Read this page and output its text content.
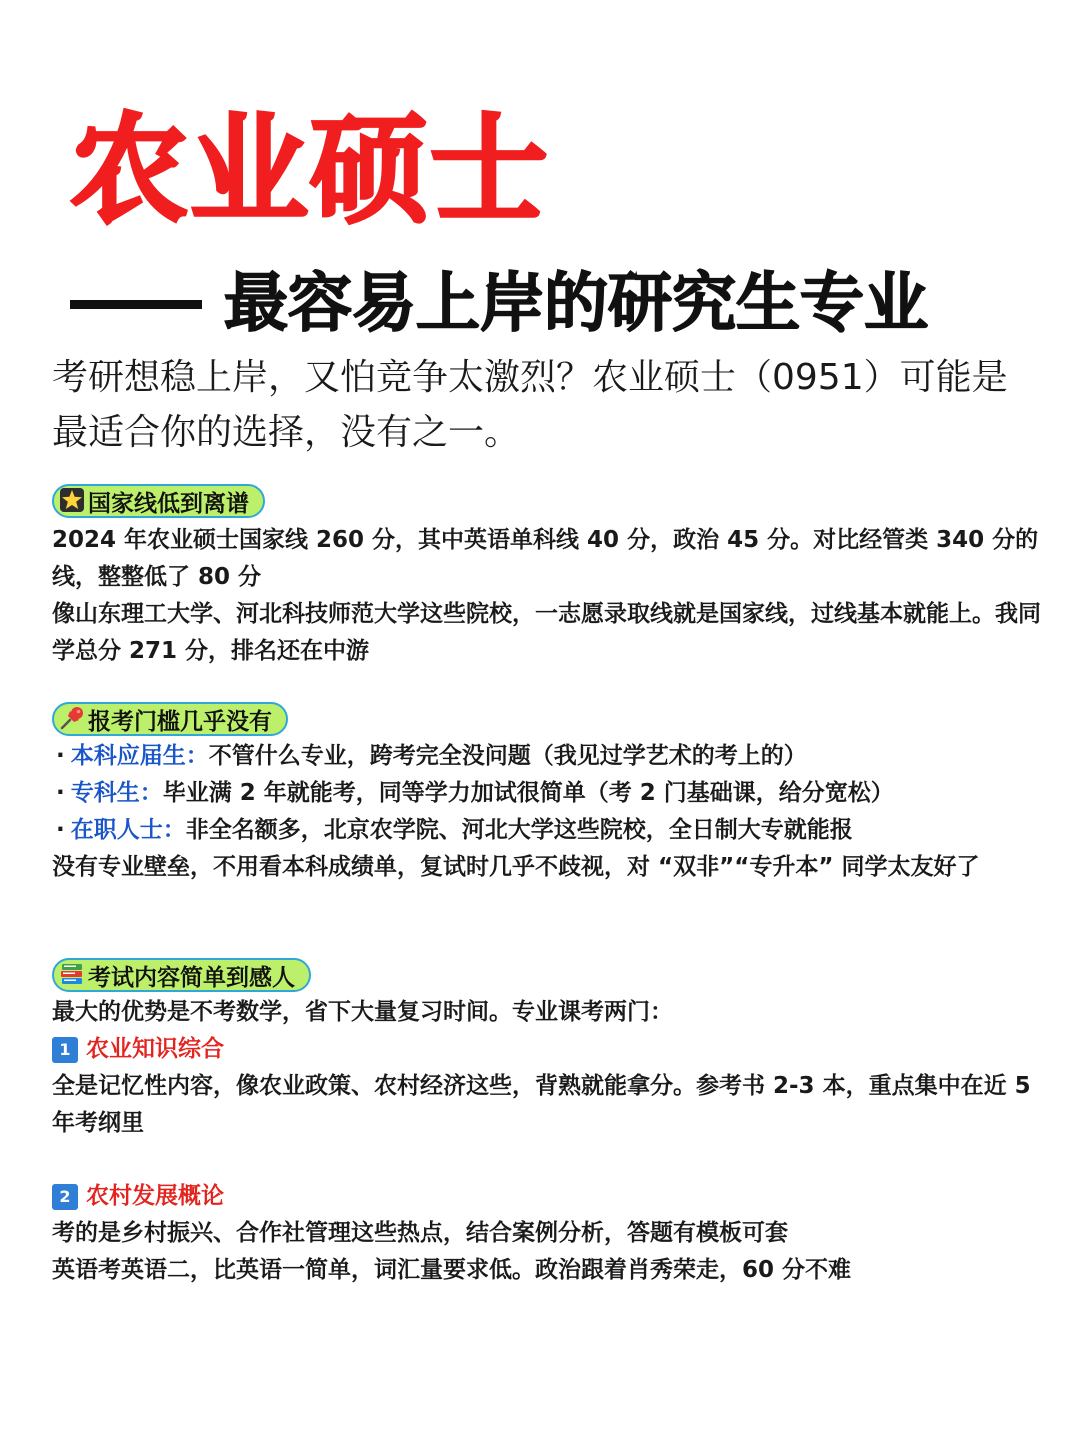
农业硕士
最容易上岸的研究生专业
考研想稳上岸，又怕竞争太激烈？农业硕士（0951）可能是最适合你的选择，没有之一。
国家线低到离谱

2024 年农业硕士国家线 260 分，其中英语单科线 40 分，政治 45 分。对比经管类 340 分的线，整整低了 80 分

像山东理工大学、河北科技师范大学这些院校，一志愿录取线就是国家线，过线基本就能上。我同学总分 271 分，排名还在中游

报考门槛几乎没有

· 本科应届生：不管什么专业，跨考完全没问题（我见过学艺术的考上的）

· 专科生：毕业满 2 年就能考，同等学力加试很简单（考 2 门基础课，给分宽松）

· 在职人士：非全名额多，北京农学院、河北大学这些院校，全日制大专就能报

没有专业壁垒，不用看本科成绩单，复试时几乎不歧视，对 “双非”“专升本” 同学太友好了

考试内容简单到感人

最大的优势是不考数学，省下大量复习时间。专业课考两门：

1 农业知识综合

全是记忆性内容，像农业政策、农村经济这些，背熟就能拿分。参考书 2-3 本，重点集中在近 5 年考纲里

2 农村发展概论

考的是乡村振兴、合作社管理这些热点，结合案例分析，答题有模板可套

英语考英语二，比英语一简单，词汇量要求低。政治跟着肖秀荣走，60 分不难
